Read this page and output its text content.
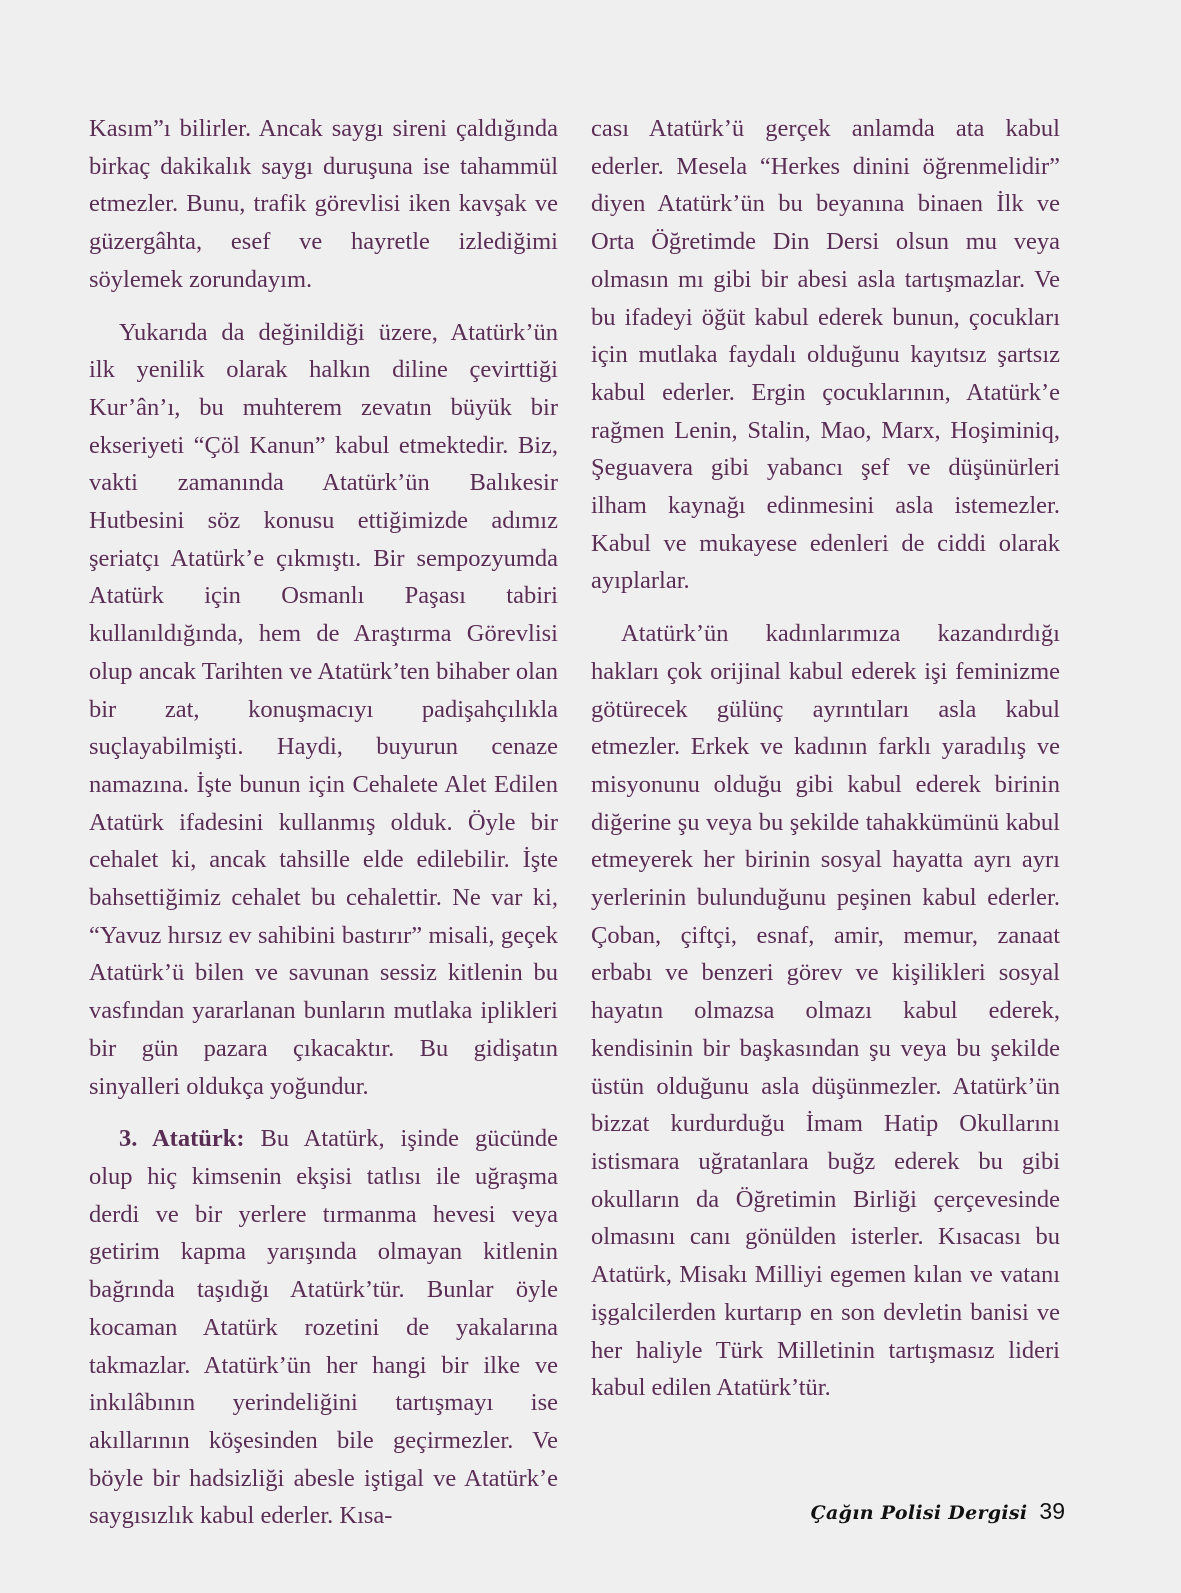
Kasım”ı bilirler. Ancak saygı sireni çaldığında birkaç dakikalık saygı duruşuna ise tahammül etmezler. Bunu, trafik görevlisi iken kavşak ve güzergâhta, esef ve hayretle izlediğimi söylemek zorundayım.

Yukarıda da değinildiği üzere, Atatürk’ün ilk yenilik olarak halkın diline çevirttiği Kur’ân’ı, bu muhterem zevatın büyük bir ekseriyeti “Çöl Kanun” kabul etmektedir. Biz, vakti zamanında Atatürk’ün Balıkesir Hutbesini söz konusu ettiğimizde adımız şeriatçı Atatürk’e çıkmıştı. Bir sempozyumda Atatürk için Osmanlı Paşası tabiri kullanıldığında, hem de Araştırma Görevlisi olup ancak Tarihten ve Atatürk’ten bihaber olan bir zat, konuşmacıyı padişahçılıkla suçlayabilmişti. Haydi, buyurun cenaze namazına. İşte bunun için Cehalete Alet Edilen Atatürk ifadesini kullanmış olduk. Öyle bir cehalet ki, ancak tahsille elde edilebilir. İşte bahsettiğimiz cehalet bu cehalettir. Ne var ki, “Yavuz hırsız ev sahibini bastırır” misali, geçek Atatürk’ü bilen ve savunan sessiz kitlenin bu vasfından yararlanan bunların mutlaka iplikleri bir gün pazara çıkacaktır. Bu gidişatın sinyalleri oldukça yoğundur.

3. Atatürk: Bu Atatürk, işinde gücünde olup hiç kimsenin ekşisi tatlısı ile uğraşma derdi ve bir yerlere tırmanma hevesi veya getirim kapma yarışında olmayan kitlenin bağrında taşıdığı Atatürk’tür. Bunlar öyle kocaman Atatürk rozetini de yakalarına takmazlar. Atatürk’ün her hangi bir ilke ve inkılâbının yerindeliğini tartışmayı ise akıllarının köşesinden bile geçirmezler. Ve böyle bir hadsizliği abesle iştigal ve Atatürk’e saygısızlık kabul ederler. Kısa-

cası Atatürk’ü gerçek anlamda ata kabul ederler. Mesela “Herkes dinini öğrenmelidir” diyen Atatürk’ün bu beyanına binaen İlk ve Orta Öğretimde Din Dersi olsun mu veya olmasın mı gibi bir abesi asla tartışmazlar. Ve bu ifadeyi öğüt kabul ederek bunun, çocukları için mutlaka faydalı olduğunu kayıtsız şartsız kabul ederler. Ergin çocuklarının, Atatürk’e rağmen Lenin, Stalin, Mao, Marx, Hoşiminiq, Şeguavera gibi yabancı şef ve düşünürleri ilham kaynağı edinmesini asla istemezler. Kabul ve mukayese edenleri de ciddi olarak ayıplarlar.

Atatürk’ün kadınlarımıza kazandırdığı hakları çok orijinal kabul ederek işi feminizme götürecek gülünç ayrıntıları asla kabul etmezler. Erkek ve kadının farklı yaradılış ve misyonunu olduğu gibi kabul ederek birinin diğerine şu veya bu şekilde tahakkümünü kabul etmeyerek her birinin sosyal hayatta ayrı ayrı yerlerinin bulunduğunu peşinen kabul ederler. Çoban, çiftçi, esnaf, amir, memur, zanaat erbabı ve benzeri görev ve kişilikleri sosyal hayatın olmazsa olmazı kabul ederek, kendisinin bir başkasından şu veya bu şekilde üstün olduğunu asla düşünmezler. Atatürk’ün bizzat kurdurduğu İmam Hatip Okullarını istismara uğratanlara buğz ederek bu gibi okulların da Öğretimin Birliği çerçevesinde olmasını canı gönülden isterler. Kısacası bu Atatürk, Misakı Milliyi egemen kılan ve vatanı işgalcilerden kurtarıp en son devletin banisi ve her haliyle Türk Milletinin tartışmasız lideri kabul edilen Atatürk’tür.

Çağın Polisi Dergisi 39
